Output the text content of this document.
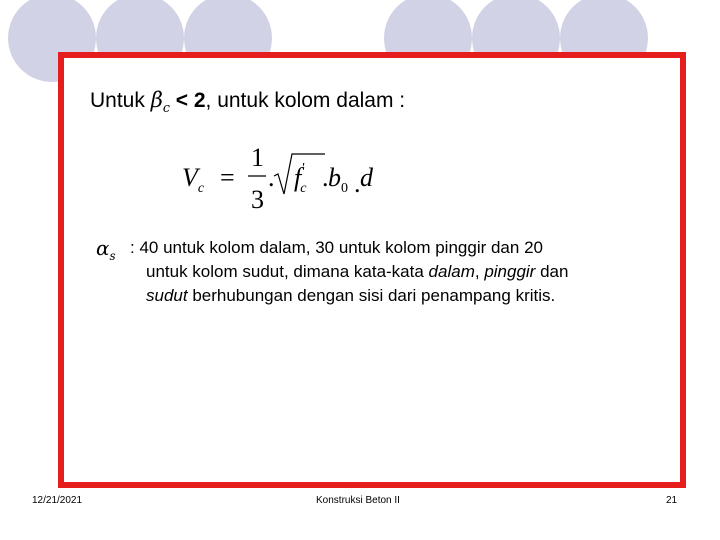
Untuk $\beta_c < 2$, untuk kolom dalam :
$V_c$ =
1
3
. f' c . $b_0$ . d
$\alpha_s$ : 40 untuk kolom dalam, 30 untuk kolom pinggir dan 20
untuk kolom sudut, dimana kata-kata dalam, pinggir dan
sudut berhubungan dengan sisi dari penampang kritis.
12/21/2021	Konstruksi Beton II	21
